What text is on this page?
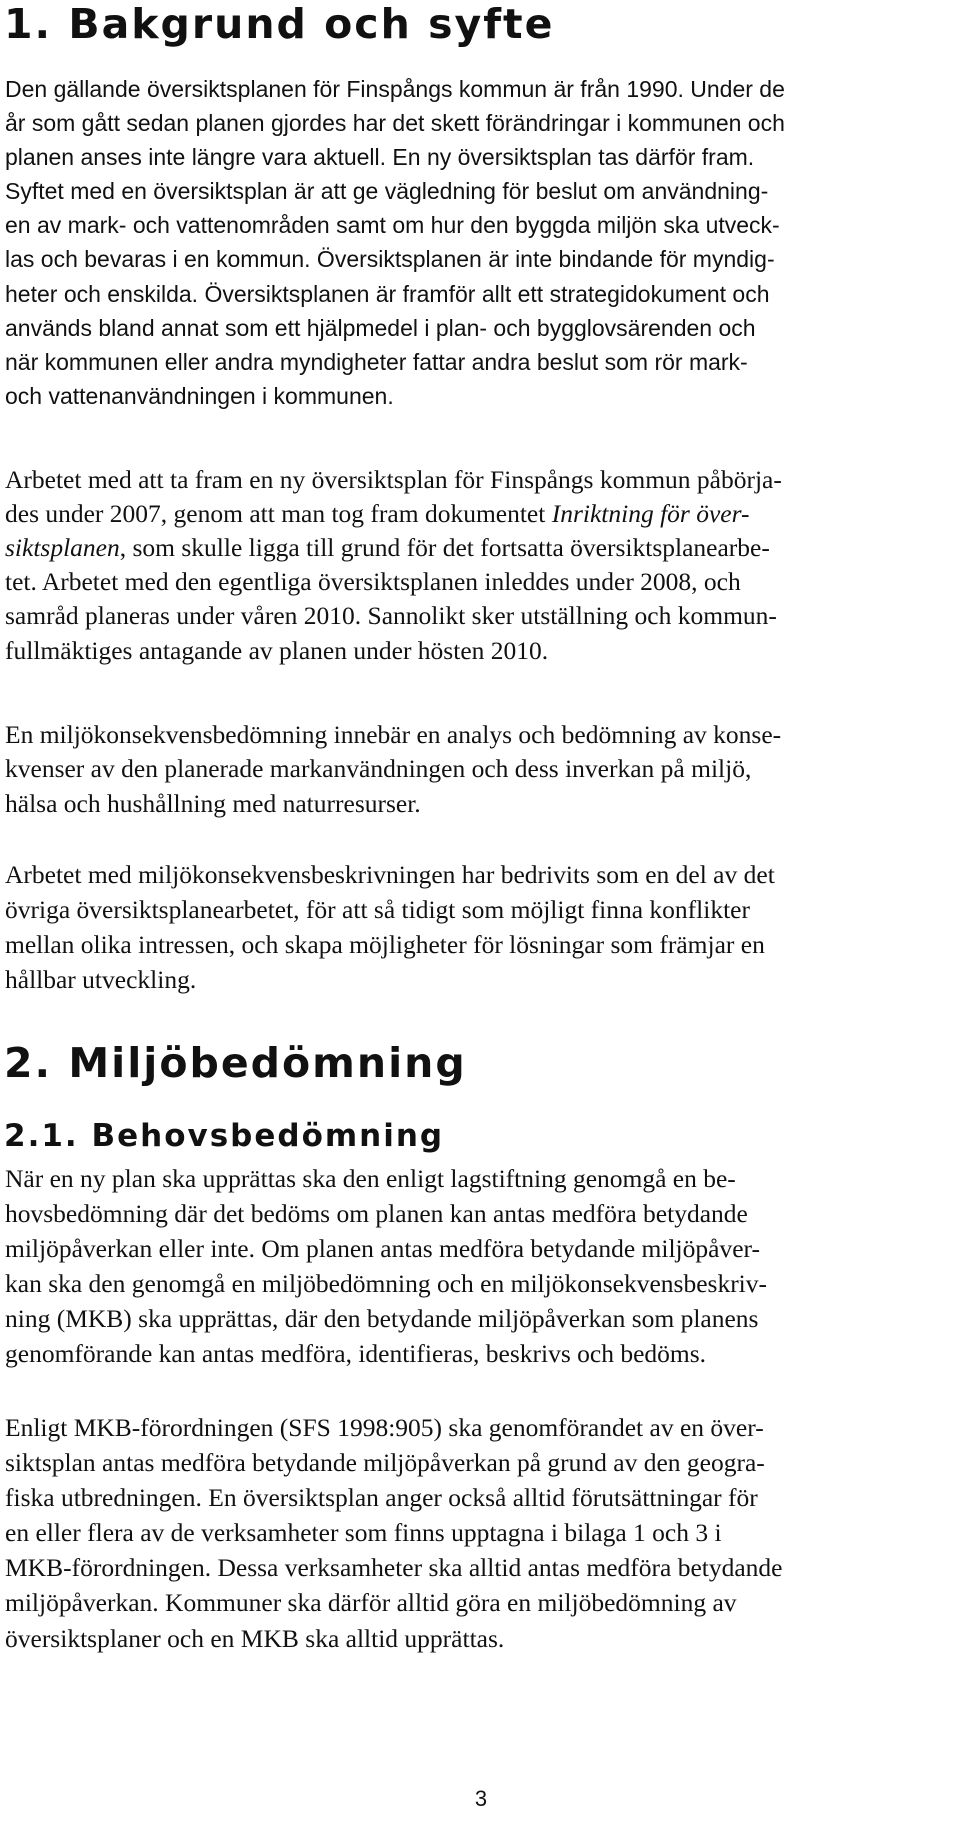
1. Bakgrund och syfte
Den gällande översiktsplanen för Finspångs kommun är från 1990. Under de
år som gått sedan planen gjordes har det skett förändringar i kommunen och
planen anses inte längre vara aktuell. En ny översiktsplan tas därför fram.
Syftet med en översiktsplan är att ge vägledning för beslut om användning-
en av mark- och vattenområden samt om hur den byggda miljön ska utveck-
las och bevaras i en kommun. Översiktsplanen är inte bindande för myndig-
heter och enskilda. Översiktsplanen är framför allt ett strategidokument och
används bland annat som ett hjälpmedel i plan- och bygglovsärenden och
när kommunen eller andra myndigheter fattar andra beslut som rör mark-
och vattenanvändningen i kommunen.
Arbetet med att ta fram en ny översiktsplan för Finspångs kommun påbörja-
des under 2007, genom att man tog fram dokumentet Inriktning för över-
siktsplanen, som skulle ligga till grund för det fortsatta översiktsplanearbe-
tet. Arbetet med den egentliga översiktsplanen inleddes under 2008, och
samråd planeras under våren 2010. Sannolikt sker utställning och kommun-
fullmäktiges antagande av planen under hösten 2010.
En miljökonsekvensbedömning innebär en analys och bedömning av konse-
kvenser av den planerade markanvändningen och dess inverkan på miljö,
hälsa och hushållning med naturresurser.
Arbetet med miljökonsekvensbeskrivningen har bedrivits som en del av det
övriga översiktsplanearbetet, för att så tidigt som möjligt finna konflikter
mellan olika intressen, och skapa möjligheter för lösningar som främjar en
hållbar utveckling.
2. Miljöbedömning
2.1. Behovsbedömning
När en ny plan ska upprättas ska den enligt lagstiftning genomgå en be-
hovsbedömning där det bedöms om planen kan antas medföra betydande
miljöpåverkan eller inte. Om planen antas medföra betydande miljöpåver-
kan ska den genomgå en miljöbedömning och en miljökonsekvensbeskriv-
ning (MKB) ska upprättas, där den betydande miljöpåverkan som planens
genomförande kan antas medföra, identifieras, beskrivs och bedöms.
Enligt MKB-förordningen (SFS 1998:905) ska genomförandet av en över-
siktsplan antas medföra betydande miljöpåverkan på grund av den geogra-
fiska utbredningen. En översiktsplan anger också alltid förutsättningar för
en eller flera av de verksamheter som finns upptagna i bilaga 1 och 3 i
MKB-förordningen. Dessa verksamheter ska alltid antas medföra betydande
miljöpåverkan. Kommuner ska därför alltid göra en miljöbedömning av
översiktsplaner och en MKB ska alltid upprättas.
3
